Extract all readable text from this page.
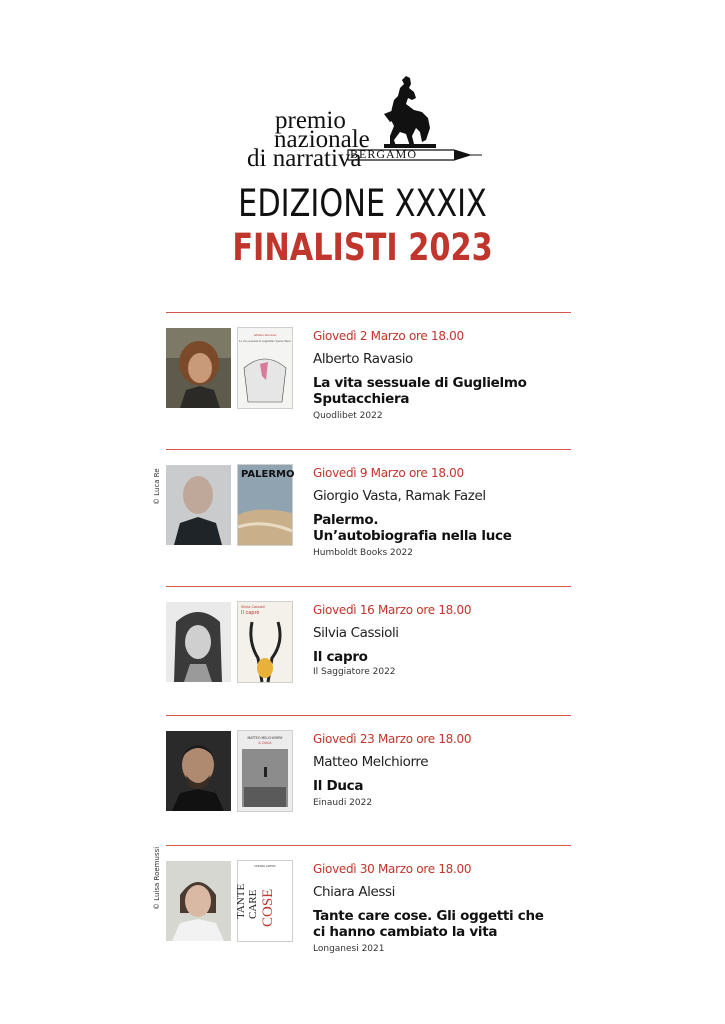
premio
nazionale
di narrativa
BERGAMO
EDIZIONE XXXIX
FINALISTI 2023
Alberto Ravasio
La vita sessuale di Guglielmo Sputacchiera Giovedì 2 Marzo ore 18.00
Alberto Ravasio
La vita sessuale di Guglielmo
Sputacchiera
Quodlibet 2022
PALERMO Giovedì 9 Marzo ore 18.00
Giorgio Vasta, Ramak Fazel
Palermo.
Un’autobiografia nella luce
Humboldt Books 2022
© Luca Re
Silvia Cassioli
Il capro	Giovedì 16 Marzo ore 18.00
Silvia Cassioli
Il capro
Il Saggiatore 2022
MATTEO MELCHIORRE
IL DUCA	Giovedì 23 Marzo ore 18.00
Matteo Melchiorre
Il Duca
Einaudi 2022
CHIARA ALESSI
TANTE CARE COSE
Giovedì 30 Marzo ore 18.00
Chiara Alessi
Tante care cose. Gli oggetti che
ci hanno cambiato la vita
Longanesi 2021
© Luisa Roemussi
